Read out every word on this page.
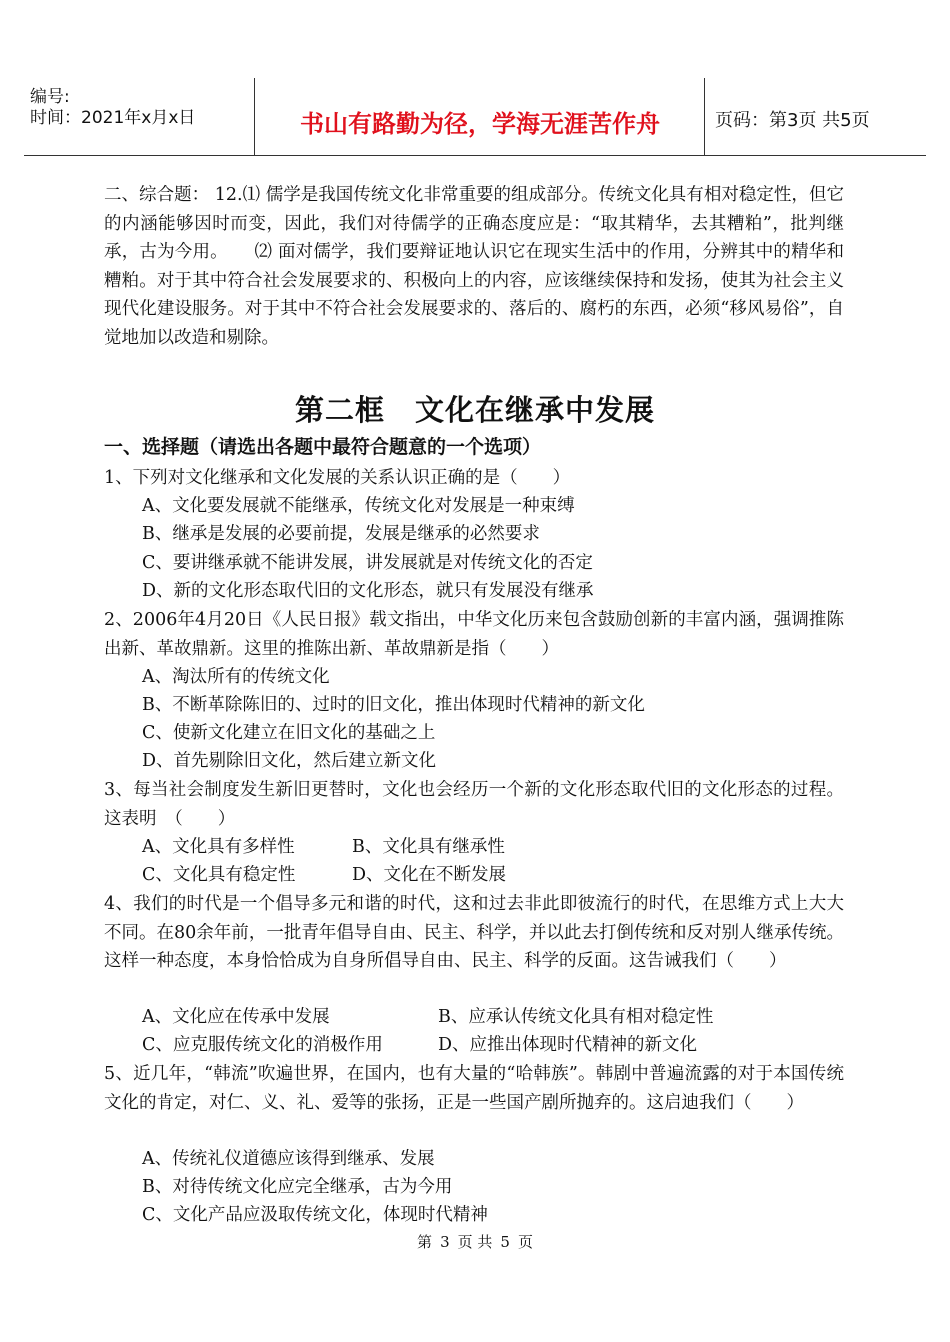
编号:
时间：2021年x月x日	书山有路勤为径，学海无涯苦作舟	页码：第3页 共5页
二、综合题： 12.⑴ 儒学是我国传统文化非常重要的组成部分。传统文化具有相对稳定性，但它的内涵能够因时而变，因此，我们对待儒学的正确态度应是：“取其精华，去其糟粕”，批判继承，古为今用。　　⑵ 面对儒学，我们要辩证地认识它在现实生活中的作用，分辨其中的精华和糟粕。对于其中符合社会发展要求的、积极向上的内容，应该继续保持和发扬，使其为社会主义现代化建设服务。对于其中不符合社会发展要求的、落后的、腐朽的东西，必须“移风易俗”，自觉地加以改造和剔除。
第二框　文化在继承中发展
一、选择题（请选出各题中最符合题意的一个选项）
1、下列对文化继承和文化发展的关系认识正确的是（　　）
A、文化要发展就不能继承，传统文化对发展是一种束缚
B、继承是发展的必要前提，发展是继承的必然要求
C、要讲继承就不能讲发展，讲发展就是对传统文化的否定
D、新的文化形态取代旧的文化形态，就只有发展没有继承
2、2006年4月20日《人民日报》载文指出，中华文化历来包含鼓励创新的丰富内涵，强调推陈出新、革故鼎新。这里的推陈出新、革故鼎新是指（　　）
A、淘汰所有的传统文化
B、不断革除陈旧的、过时的旧文化，推出体现时代精神的新文化
C、使新文化建立在旧文化的基础之上
D、首先剔除旧文化，然后建立新文化
3、每当社会制度发生新旧更替时，文化也会经历一个新的文化形态取代旧的文化形态的过程。这表明　（　　）
A、文化具有多样性	B、文化具有继承性
C、文化具有稳定性	D、文化在不断发展
4、我们的时代是一个倡导多元和谐的时代，这和过去非此即彼流行的时代，在思维方式上大大不同。在80余年前，一批青年倡导自由、民主、科学，并以此去打倒传统和反对别人继承传统。这样一种态度，本身恰恰成为自身所倡导自由、民主、科学的反面。这告诫我们（　　）
A、文化应在传承中发展	B、应承认传统文化具有相对稳定性
C、应克服传统文化的消极作用	D、应推出体现时代精神的新文化
5、近几年，“韩流”吹遍世界，在国内，也有大量的“哈韩族”。韩剧中普遍流露的对于本国传统文化的肯定，对仁、义、礼、爱等的张扬，正是一些国产剧所抛弃的。这启迪我们（　　）
A、传统礼仪道德应该得到继承、发展
B、对待传统文化应完全继承，古为今用
C、文化产品应汲取传统文化，体现时代精神
第 3 页 共 5 页
